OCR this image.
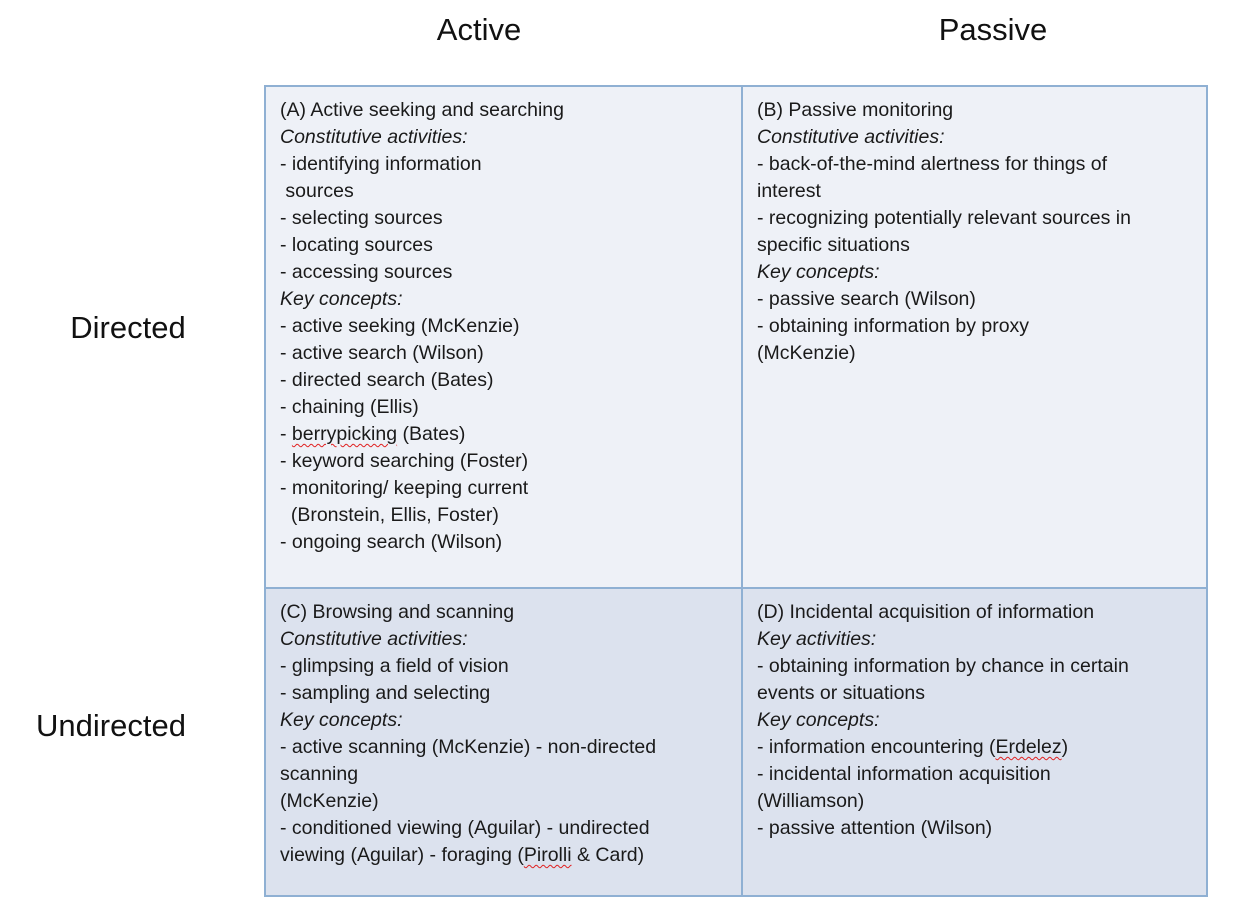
Active	Passive
Directed
Undirected
(A) Active seeking and searching
Constitutive activities:
- identifying information
sources
- selecting sources
- locating sources
- accessing sources
Key concepts:
- active seeking (McKenzie)
- active search (Wilson)
- directed search (Bates)
- chaining (Ellis)
- berrypicking (Bates)
- keyword searching (Foster)
- monitoring/ keeping current
(Bronstein, Ellis, Foster)
- ongoing search (Wilson)
(B) Passive monitoring
Constitutive activities:
- back-of-the-mind alertness for things of
interest
- recognizing potentially relevant sources in
specific situations
Key concepts:
- passive search (Wilson)
- obtaining information by proxy
(McKenzie)
(C) Browsing and scanning
Constitutive activities:
- glimpsing a field of vision
- sampling and selecting
Key concepts:
- active scanning (McKenzie) - non-directed
scanning
(McKenzie)
- conditioned viewing (Aguilar) - undirected
viewing (Aguilar) - foraging (Pirolli & Card)
(D) Incidental acquisition of information
Key activities:
- obtaining information by chance in certain
events or situations
Key concepts:
- information encountering (Erdelez)
- incidental information acquisition
(Williamson)
- passive attention (Wilson)
